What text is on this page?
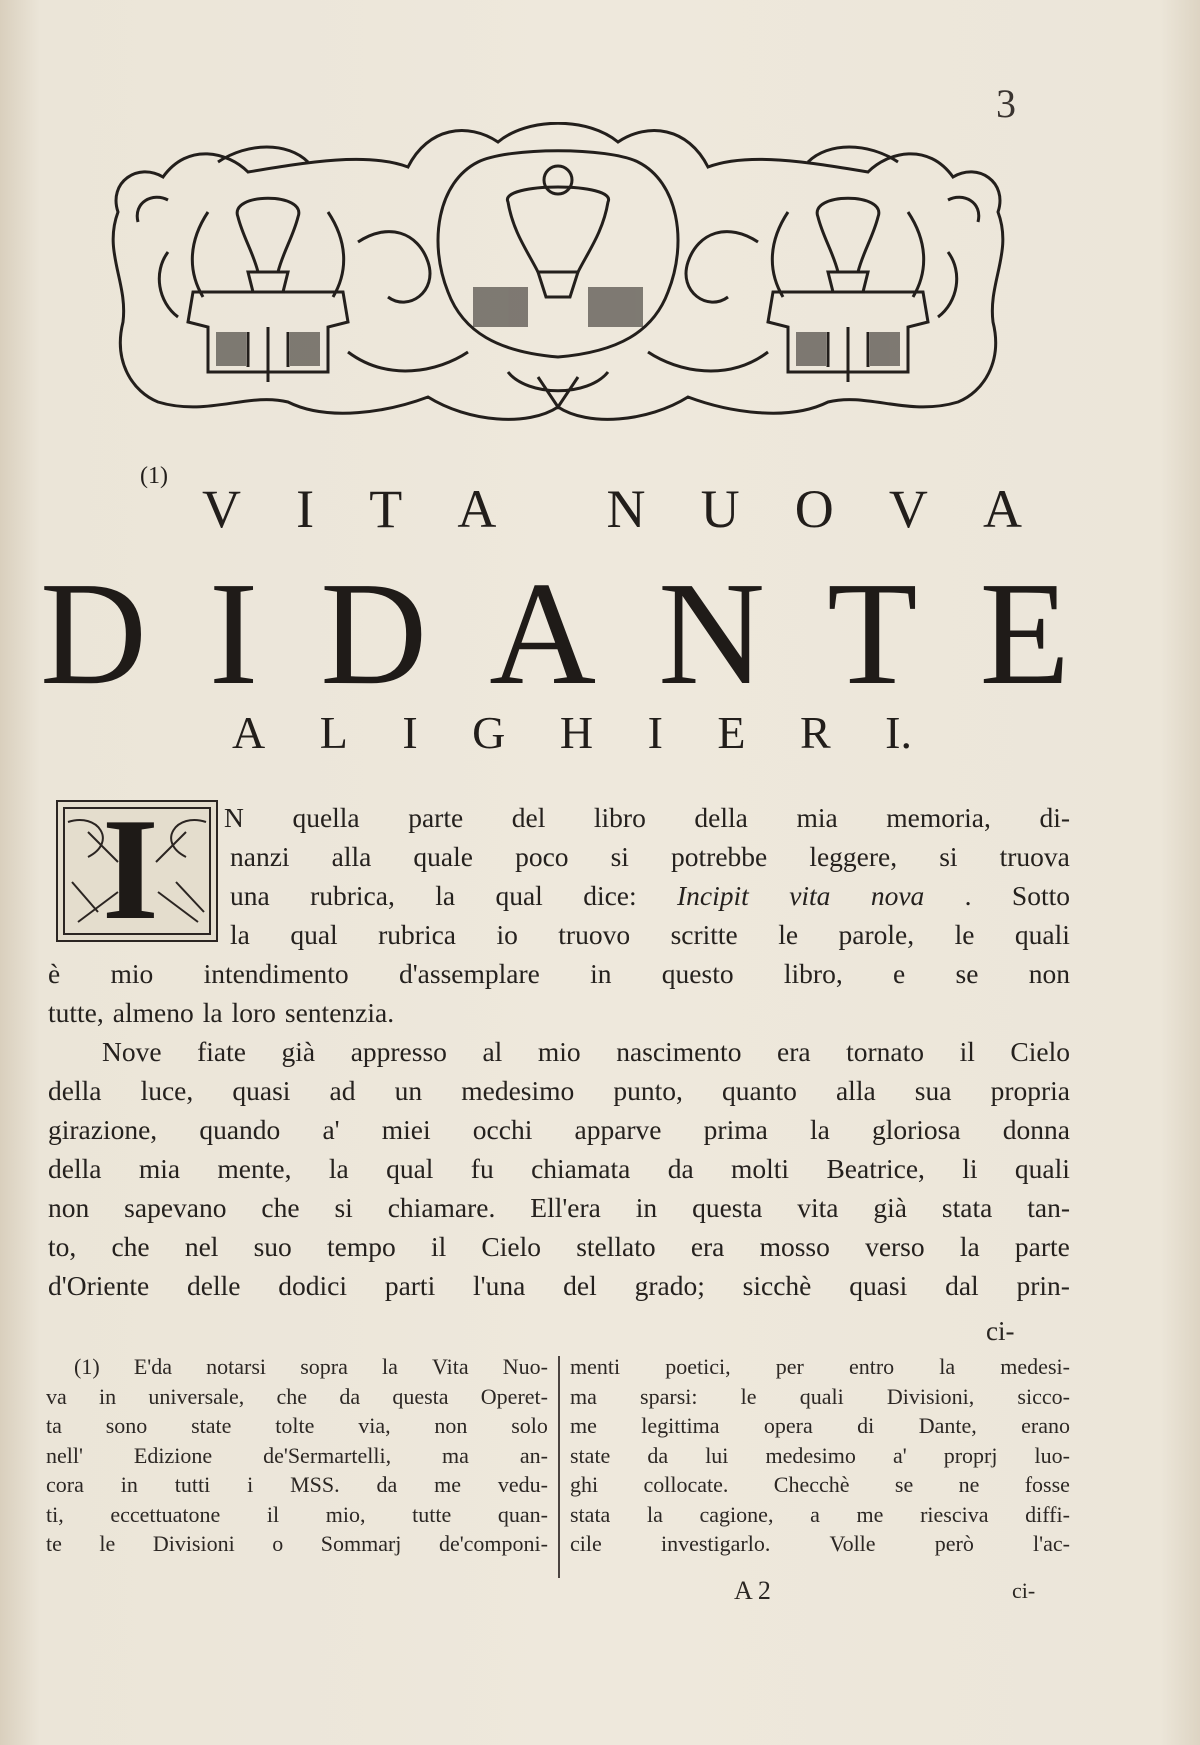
3
(1)
V I T A N U O V A
D I D A N T E
A L I G H I E R I.
I N quella parte del libro della mia memoria, di-
nanzi alla quale poco si potrebbe leggere, si truova
una rubrica, la qual dice: Incipit vita nova . Sotto
la qual rubrica io truovo scritte le parole, le quali
è mio intendimento d'assemplare in questo libro, e se non
tutte, almeno la loro sentenzia.
Nove fiate già appresso al mio nascimento era tornato il Cielo
della luce, quasi ad un medesimo punto, quanto alla sua propria
girazione, quando a' miei occhi apparve prima la gloriosa donna
della mia mente, la qual fu chiamata da molti Beatrice, li quali
non sapevano che si chiamare. Ell'era in questa vita già stata tan-
to, che nel suo tempo il Cielo stellato era mosso verso la parte
d'Oriente delle dodici parti l'una del grado; sicchè quasi dal prin-
ci-
(1) E'da notarsi sopra la Vita Nuo-
va in universale, che da questa Operet-
ta sono state tolte via, non solo
nell' Edizione de'Sermartelli, ma an-
cora in tutti i MSS. da me vedu-
ti, eccettuatone il mio, tutte quan-
te le Divisioni o Sommarj de'componi-
menti poetici, per entro la medesi-
ma sparsi: le quali Divisioni, sicco-
me legittima opera di Dante, erano
state da lui medesimo a' proprj luo-
ghi collocate. Checchè se ne fosse
stata la cagione, a me riesciva diffi-
cile	investigarlo.	Volle	però	l'ac-
A 2	ci-
